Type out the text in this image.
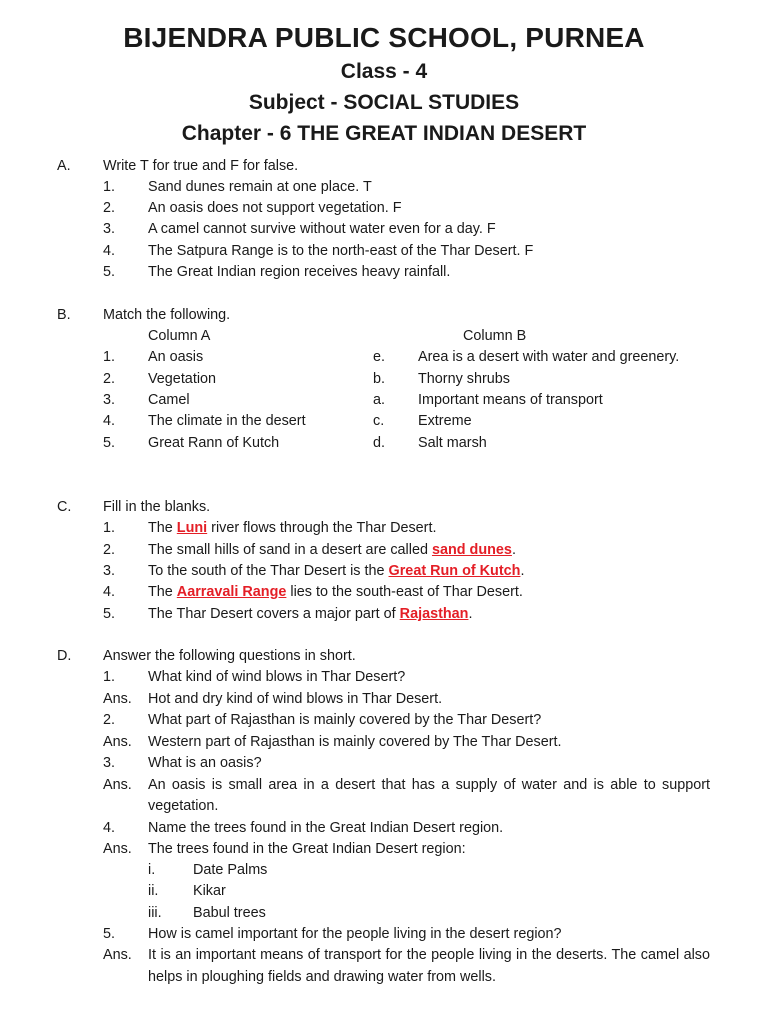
BIJENDRA PUBLIC SCHOOL, PURNEA
Class - 4
Subject - SOCIAL STUDIES
Chapter - 6 THE GREAT INDIAN DESERT
A. Write T for true and F for false.
1. Sand dunes remain at one place. T
2. An oasis does not support vegetation. F
3. A camel cannot survive without water even for a day. F
4. The Satpura Range is to the north-east of the Thar Desert. F
5. The Great Indian region receives heavy rainfall.
B. Match the following.
Column A	Column B
1. An oasis	e. Area is a desert with water and greenery.
2. Vegetation	b. Thorny shrubs
3. Camel	a. Important means of transport
4. The climate in the desert	c. Extreme
5. Great Rann of Kutch	d. Salt marsh
C. Fill in the blanks.
1. The Luni river flows through the Thar Desert.
2. The small hills of sand in a desert are called sand dunes.
3. To the south of the Thar Desert is the Great Run of Kutch.
4. The Aarravali Range lies to the south-east of Thar Desert.
5. The Thar Desert covers a major part of Rajasthan.
D. Answer the following questions in short.
1. What kind of wind blows in Thar Desert?
Ans. Hot and dry kind of wind blows in Thar Desert.
2. What part of Rajasthan is mainly covered by the Thar Desert?
Ans. Western part of Rajasthan is mainly covered by The Thar Desert.
3. What is an oasis?
Ans. An oasis is small area in a desert that has a supply of water and is able to support
vegetation.
4. Name the trees found in the Great Indian Desert region.
Ans. The trees found in the Great Indian Desert region:
i.	Date Palms
ii. Kikar
iii. Babul trees
5. How is camel important for the people living in the desert region?
Ans. It is an important means of transport for the people living in the deserts. The camel also
helps in ploughing fields and drawing water from wells.
